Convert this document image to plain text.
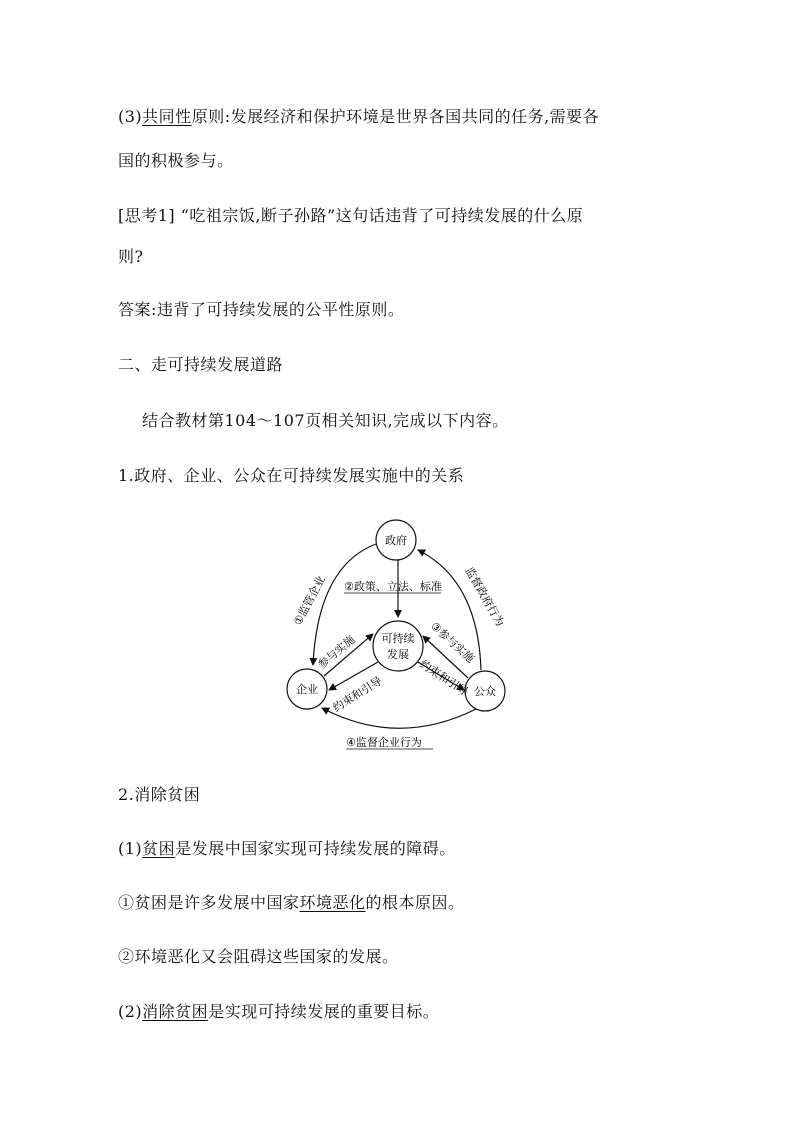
(3)共同性原则:发展经济和保护环境是世界各国共同的任务,需要各

国的积极参与。

[思考1] “吃祖宗饭,断子孙路”这句话违背了可持续发展的什么原

则?

答案:违背了可持续发展的公平性原则。

二、走可持续发展道路

结合教材第104～107页相关知识,完成以下内容。

1.政府、企业、公众在可持续发展实施中的关系

政府
可持续
发展
企业	公众
②政策、立法、标准
①监管企业	监督政府行为
参与实施
约束和引导
③参与实施
约束和引导
④监督企业行为

2.消除贫困

(1)贫困是发展中国家实现可持续发展的障碍。

①贫困是许多发展中国家环境恶化的根本原因。

②环境恶化又会阻碍这些国家的发展。

(2)消除贫困是实现可持续发展的重要目标。
